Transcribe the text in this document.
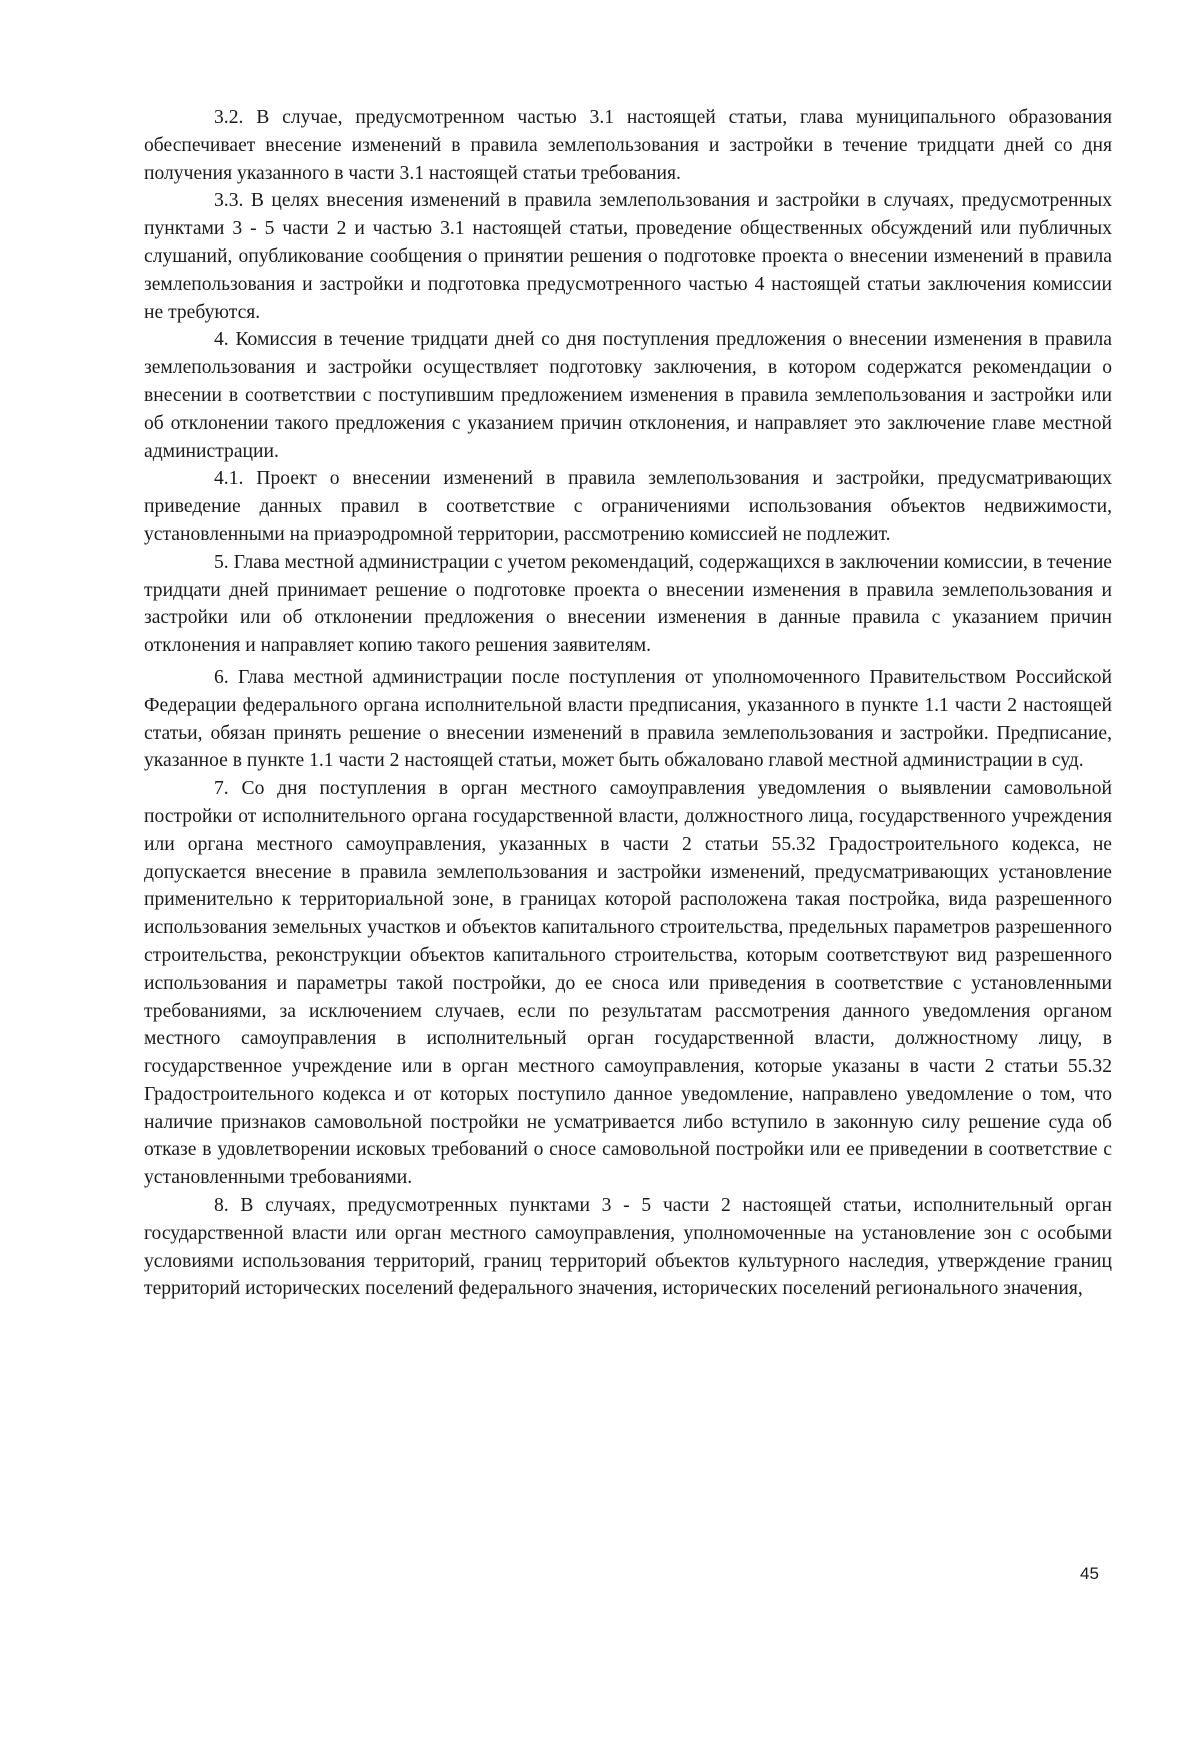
3.2. В случае, предусмотренном частью 3.1 настоящей статьи, глава муниципального образования обеспечивает внесение изменений в правила землепользования и застройки в течение тридцати дней со дня получения указанного в части 3.1 настоящей статьи требования.

3.3. В целях внесения изменений в правила землепользования и застройки в случаях, предусмотренных пунктами 3 - 5 части 2 и частью 3.1 настоящей статьи, проведение общественных обсуждений или публичных слушаний, опубликование сообщения о принятии решения о подготовке проекта о внесении изменений в правила землепользования и застройки и подготовка предусмотренного частью 4 настоящей статьи заключения комиссии не требуются.

4. Комиссия в течение тридцати дней со дня поступления предложения о внесении изменения в правила землепользования и застройки осуществляет подготовку заключения, в котором содержатся рекомендации о внесении в соответствии с поступившим предложением изменения в правила землепользования и застройки или об отклонении такого предложения с указанием причин отклонения, и направляет это заключение главе местной администрации.

4.1. Проект о внесении изменений в правила землепользования и застройки, предусматривающих приведение данных правил в соответствие с ограничениями использования объектов недвижимости, установленными на приаэродромной территории, рассмотрению комиссией не подлежит.

5. Глава местной администрации с учетом рекомендаций, содержащихся в заключении комиссии, в течение тридцати дней принимает решение о подготовке проекта о внесении изменения в правила землепользования и застройки или об отклонении предложения о внесении изменения в данные правила с указанием причин отклонения и направляет копию такого решения заявителям.

6. Глава местной администрации после поступления от уполномоченного Правительством Российской Федерации федерального органа исполнительной власти предписания, указанного в пункте 1.1 части 2 настоящей статьи, обязан принять решение о внесении изменений в правила землепользования и застройки. Предписание, указанное в пункте 1.1 части 2 настоящей статьи, может быть обжаловано главой местной администрации в суд.

7. Со дня поступления в орган местного самоуправления уведомления о выявлении самовольной постройки от исполнительного органа государственной власти, должностного лица, государственного учреждения или органа местного самоуправления, указанных в части 2 статьи 55.32 Градостроительного кодекса, не допускается внесение в правила землепользования и застройки изменений, предусматривающих установление применительно к территориальной зоне, в границах которой расположена такая постройка, вида разрешенного использования земельных участков и объектов капитального строительства, предельных параметров разрешенного строительства, реконструкции объектов капитального строительства, которым соответствуют вид разрешенного использования и параметры такой постройки, до ее сноса или приведения в соответствие с установленными требованиями, за исключением случаев, если по результатам рассмотрения данного уведомления органом местного самоуправления в исполнительный орган государственной власти, должностному лицу, в государственное учреждение или в орган местного самоуправления, которые указаны в части 2 статьи 55.32 Градостроительного кодекса и от которых поступило данное уведомление, направлено уведомление о том, что наличие признаков самовольной постройки не усматривается либо вступило в законную силу решение суда об отказе в удовлетворении исковых требований о сносе самовольной постройки или ее приведении в соответствие с установленными требованиями.

8. В случаях, предусмотренных пунктами 3 - 5 части 2 настоящей статьи, исполнительный орган государственной власти или орган местного самоуправления, уполномоченные на установление зон с особыми условиями использования территорий, границ территорий объектов культурного наследия, утверждение границ территорий исторических поселений федерального значения, исторических поселений регионального значения,

45
